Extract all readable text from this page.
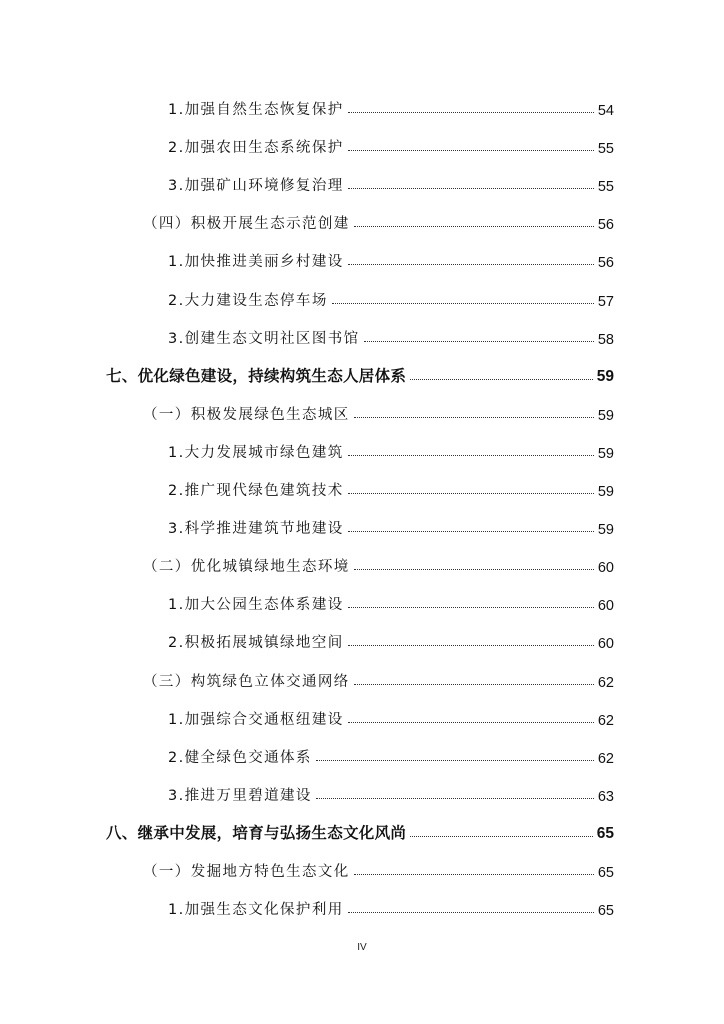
1.加强自然生态恢复保护	54
2.加强农田生态系统保护	55
3.加强矿山环境修复治理	55
（四）积极开展生态示范创建	56
1.加快推进美丽乡村建设	56
2.大力建设生态停车场	57
3.创建生态文明社区图书馆	58
七、优化绿色建设，持续构筑生态人居体系	59
（一）积极发展绿色生态城区	59
1.大力发展城市绿色建筑	59
2.推广现代绿色建筑技术	59
3.科学推进建筑节地建设	59
（二）优化城镇绿地生态环境	60
1.加大公园生态体系建设	60
2.积极拓展城镇绿地空间	60
（三）构筑绿色立体交通网络	62
1.加强综合交通枢纽建设	62
2.健全绿色交通体系	62
3.推进万里碧道建设	63
八、继承中发展，培育与弘扬生态文化风尚	65
（一）发掘地方特色生态文化	65
1.加强生态文化保护利用	65
IV
